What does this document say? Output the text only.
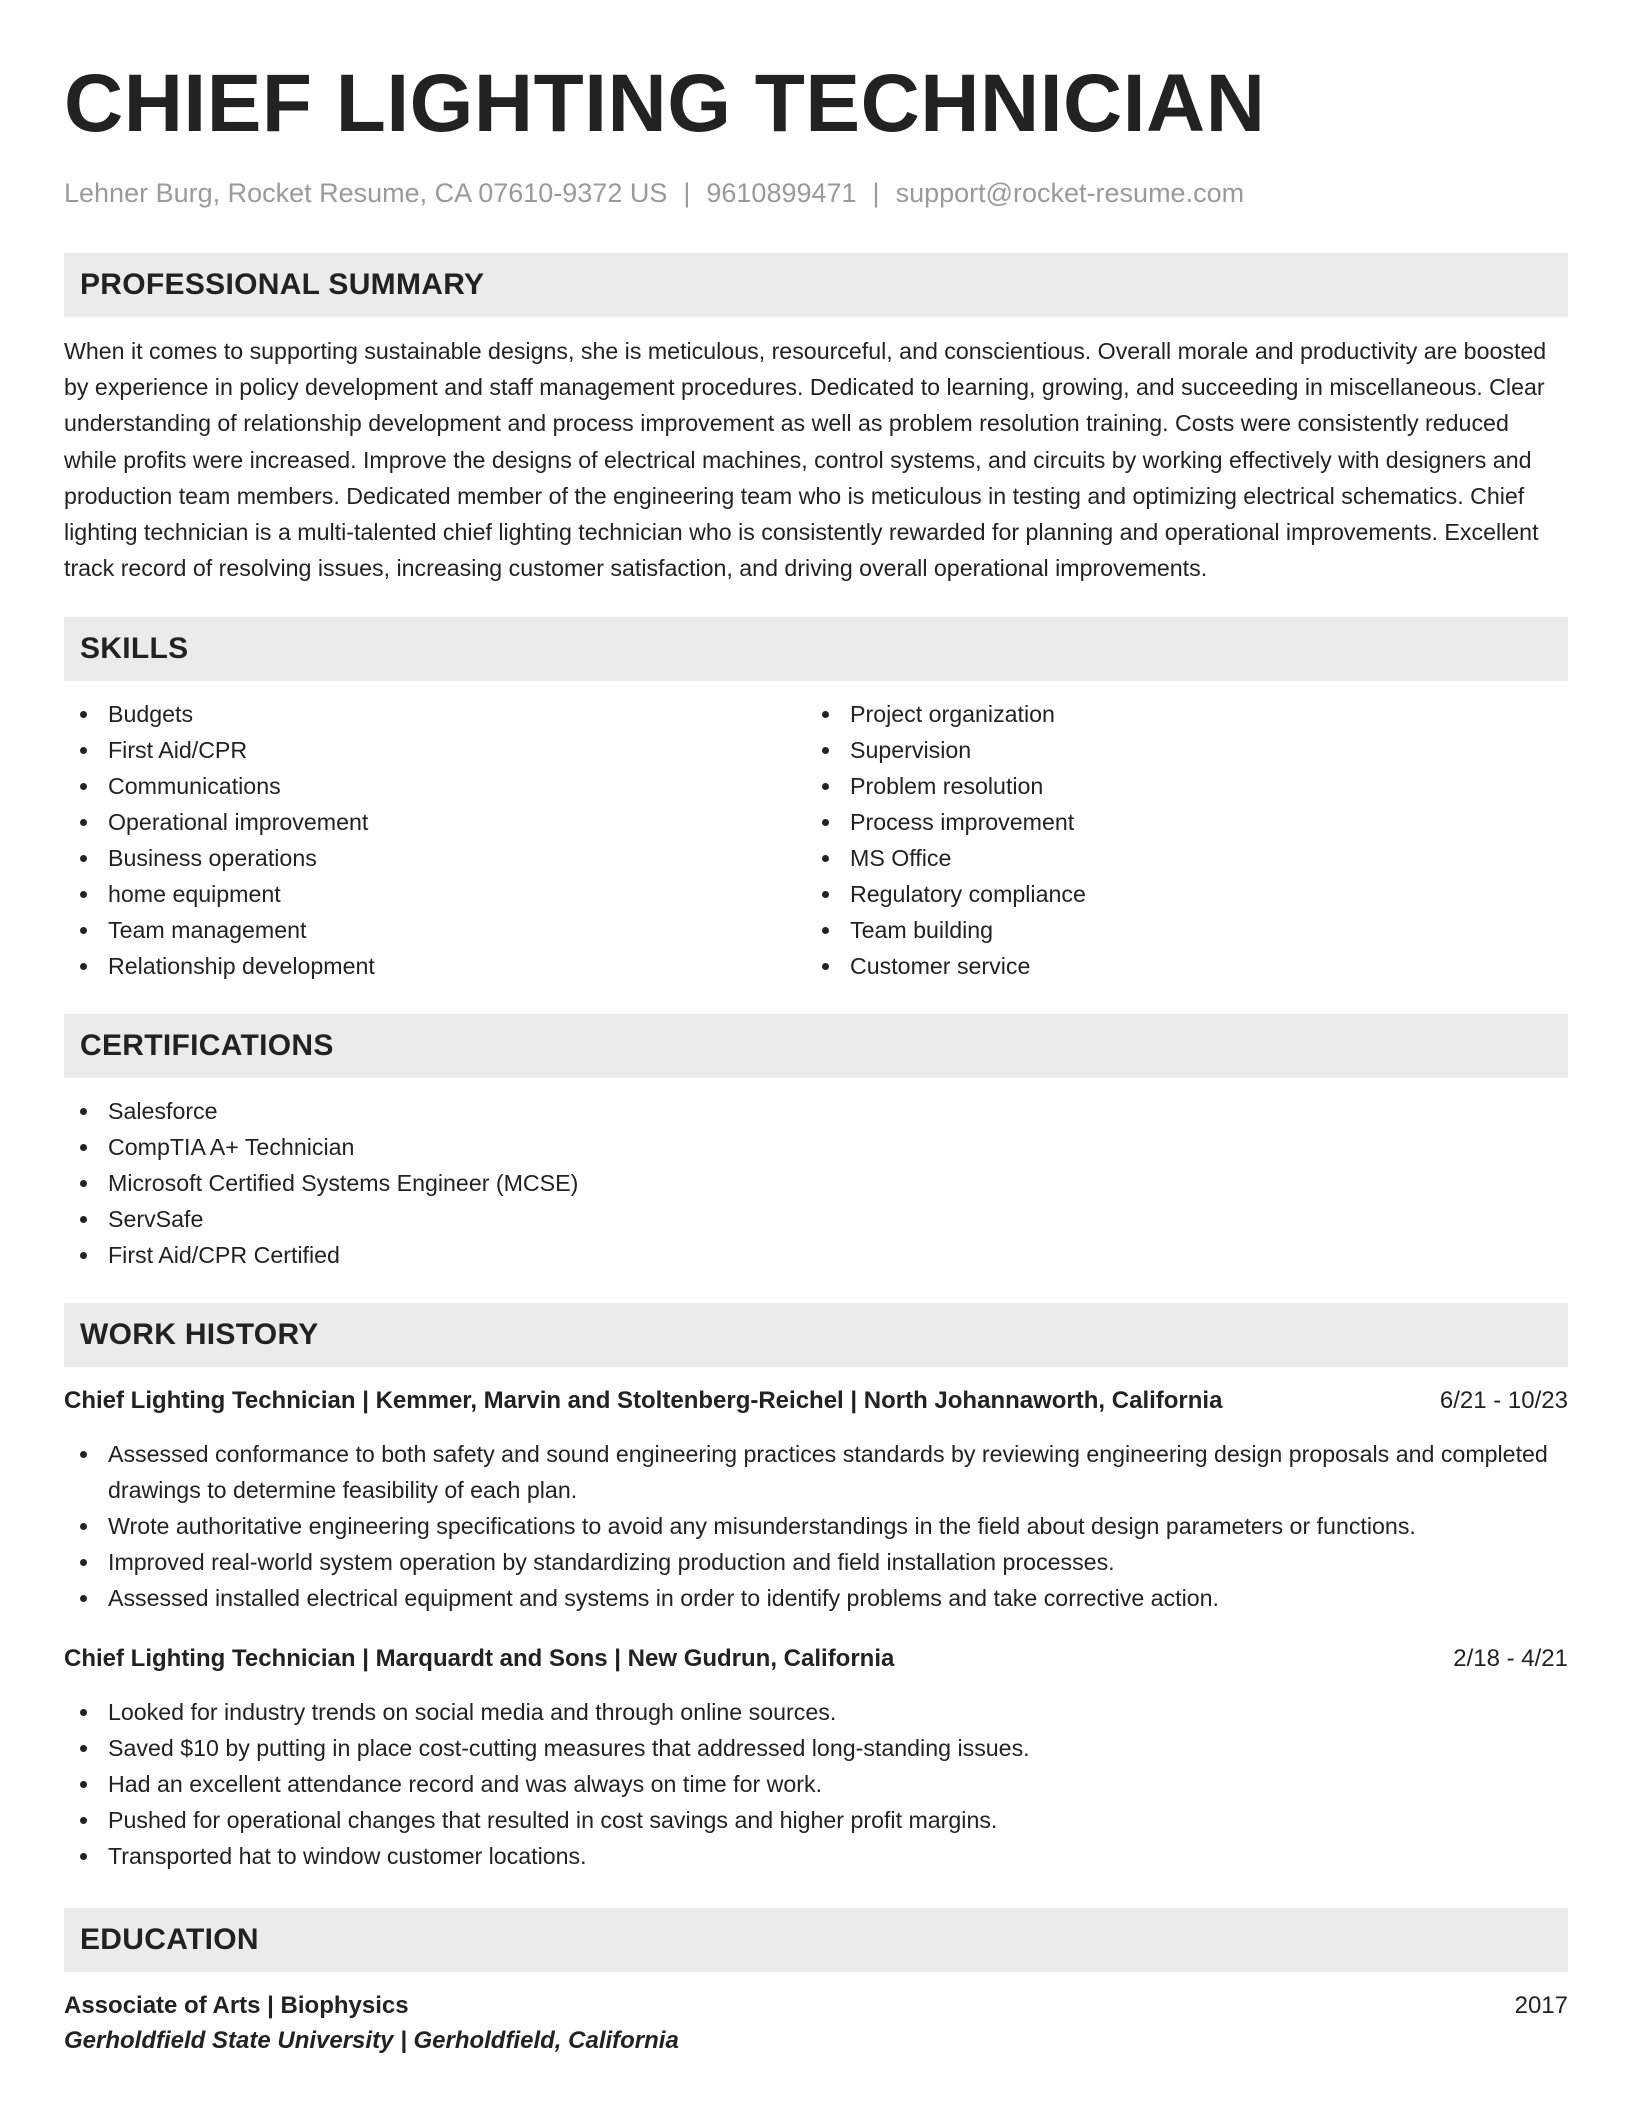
CHIEF LIGHTING TECHNICIAN
Lehner Burg, Rocket Resume, CA 07610-9372 US | 9610899471 | support@rocket-resume.com
PROFESSIONAL SUMMARY

When it comes to supporting sustainable designs, she is meticulous, resourceful, and conscientious. Overall morale and productivity are boosted by experience in policy development and staff management procedures. Dedicated to learning, growing, and succeeding in miscellaneous. Clear understanding of relationship development and process improvement as well as problem resolution training. Costs were consistently reduced while profits were increased. Improve the designs of electrical machines, control systems, and circuits by working effectively with designers and production team members. Dedicated member of the engineering team who is meticulous in testing and optimizing electrical schematics. Chief lighting technician is a multi-talented chief lighting technician who is consistently rewarded for planning and operational improvements. Excellent track record of resolving issues, increasing customer satisfaction, and driving overall operational improvements.

SKILLS
Budgets
First Aid/CPR
Communications
Operational improvement
Business operations
home equipment
Team management
Relationship development
Project organization
Supervision
Problem resolution
Process improvement
MS Office
Regulatory compliance
Team building
Customer service
CERTIFICATIONS
Salesforce
CompTIA A+ Technician
Microsoft Certified Systems Engineer (MCSE)
ServSafe
First Aid/CPR Certified
WORK HISTORY
Chief Lighting Technician | Kemmer, Marvin and Stoltenberg-Reichel | North Johannaworth, California	6/21 - 10/23
Assessed conformance to both safety and sound engineering practices standards by reviewing engineering design proposals and completed drawings to determine feasibility of each plan.
Wrote authoritative engineering specifications to avoid any misunderstandings in the field about design parameters or functions.
Improved real-world system operation by standardizing production and field installation processes.
Assessed installed electrical equipment and systems in order to identify problems and take corrective action.
Chief Lighting Technician | Marquardt and Sons | New Gudrun, California	2/18 - 4/21
Looked for industry trends on social media and through online sources.
Saved $10 by putting in place cost-cutting measures that addressed long-standing issues.
Had an excellent attendance record and was always on time for work.
Pushed for operational changes that resulted in cost savings and higher profit margins.
Transported hat to window customer locations.
EDUCATION
Associate of Arts | Biophysics	2017
Gerholdfield State University | Gerholdfield, California
